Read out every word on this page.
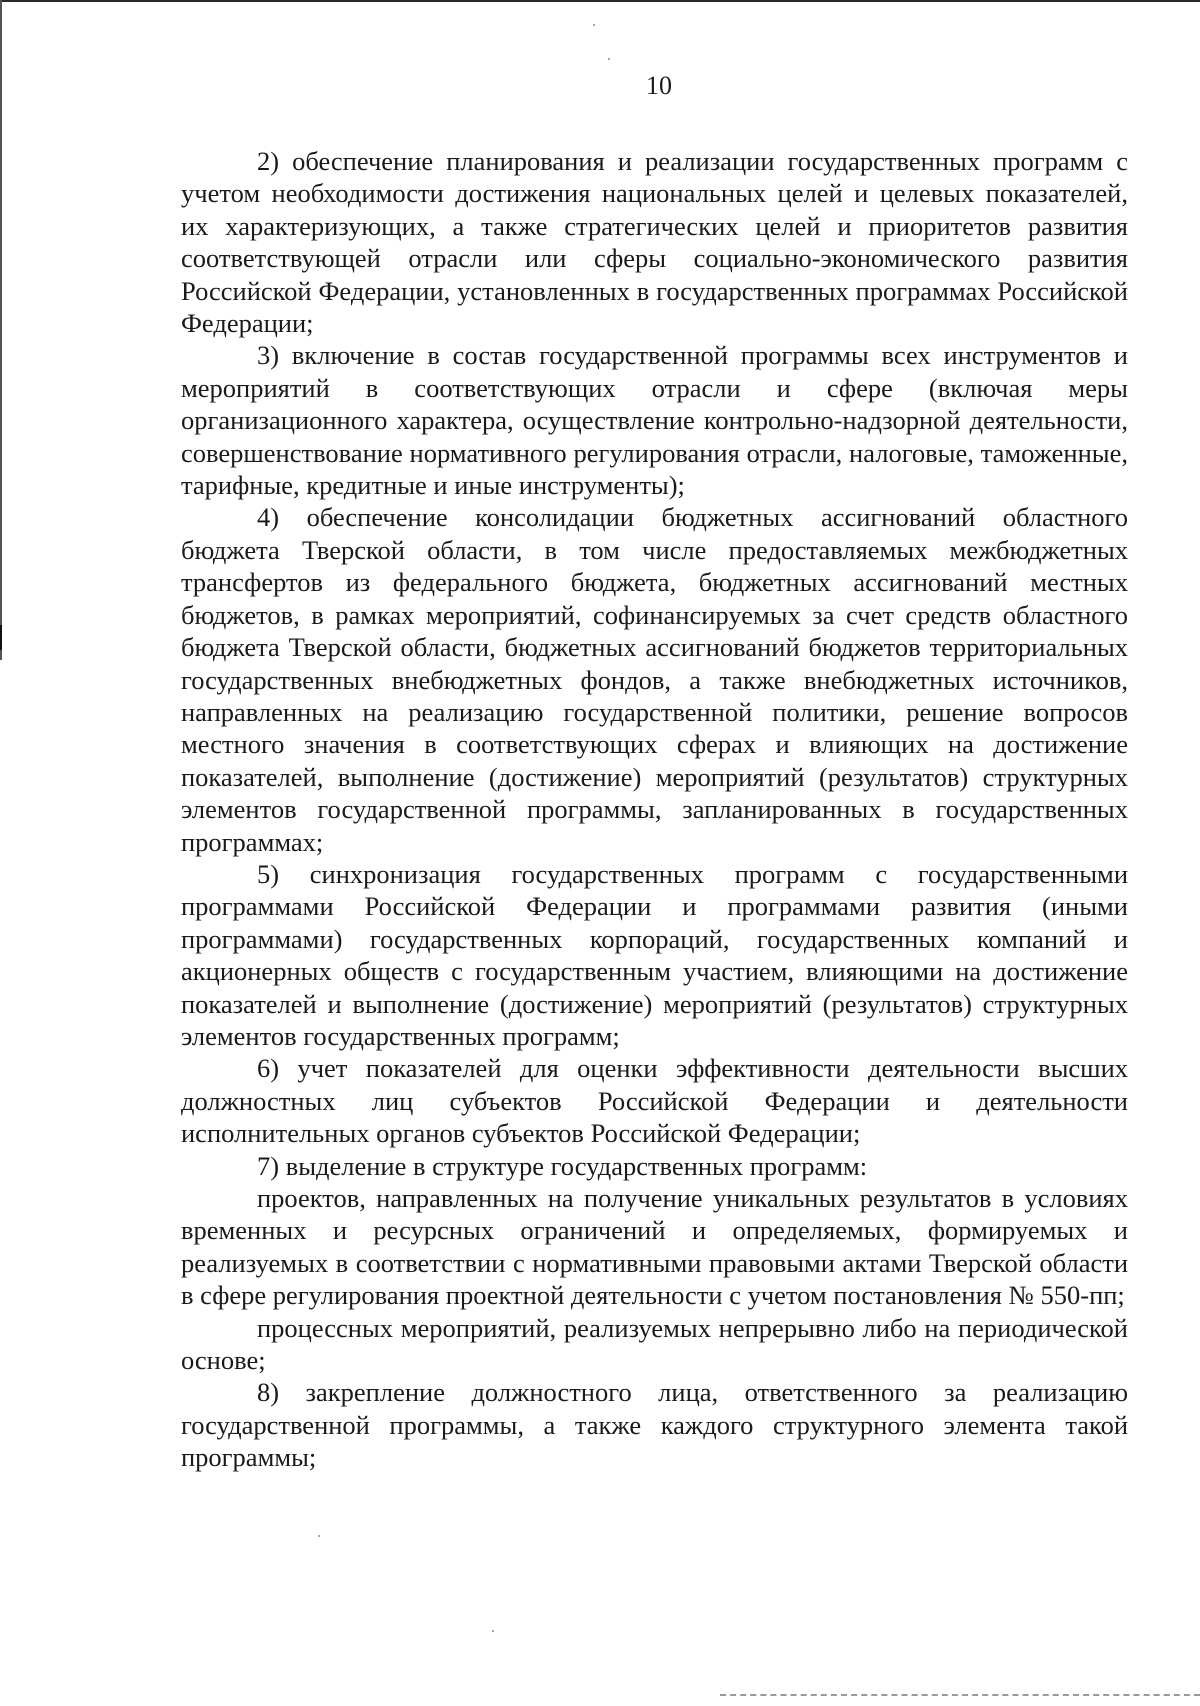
10

2) обеспечение планирования и реализации государственных программ с учетом необходимости достижения национальных целей и целевых показателей, их характеризующих, а также стратегических целей и приоритетов развития соответствующей отрасли или сферы социально-экономического развития Российской Федерации, установленных в государственных программах Российской Федерации;

3) включение в состав государственной программы всех инструментов и мероприятий в соответствующих отрасли и сфере (включая меры организационного характера, осуществление контрольно-надзорной деятельности, совершенствование нормативного регулирования отрасли, налоговые, таможенные, тарифные, кредитные и иные инструменты);

4) обеспечение консолидации бюджетных ассигнований областного бюджета Тверской области, в том числе предоставляемых межбюджетных трансфертов из федерального бюджета, бюджетных ассигнований местных бюджетов, в рамках мероприятий, софинансируемых за счет средств областного бюджета Тверской области, бюджетных ассигнований бюджетов территориальных государственных внебюджетных фондов, а также внебюджетных источников, направленных на реализацию государственной политики, решение вопросов местного значения в соответствующих сферах и влияющих на достижение показателей, выполнение (достижение) мероприятий (результатов) структурных элементов государственной программы, запланированных в государственных программах;

5) синхронизация государственных программ с государственными программами Российской Федерации и программами развития (иными программами) государственных корпораций, государственных компаний и акционерных обществ с государственным участием, влияющими на достижение показателей и выполнение (достижение) мероприятий (результатов) структурных элементов государственных программ;

6) учет показателей для оценки эффективности деятельности высших должностных лиц субъектов Российской Федерации и деятельности исполнительных органов субъектов Российской Федерации;

7) выделение в структуре государственных программ:

проектов, направленных на получение уникальных результатов в условиях временных и ресурсных ограничений и определяемых, формируемых и реализуемых в соответствии с нормативными правовыми актами Тверской области в сфере регулирования проектной деятельности с учетом постановления № 550-пп;

процессных мероприятий, реализуемых непрерывно либо на периодической основе;

8) закрепление должностного лица, ответственного за реализацию государственной программы, а также каждого структурного элемента такой программы;
